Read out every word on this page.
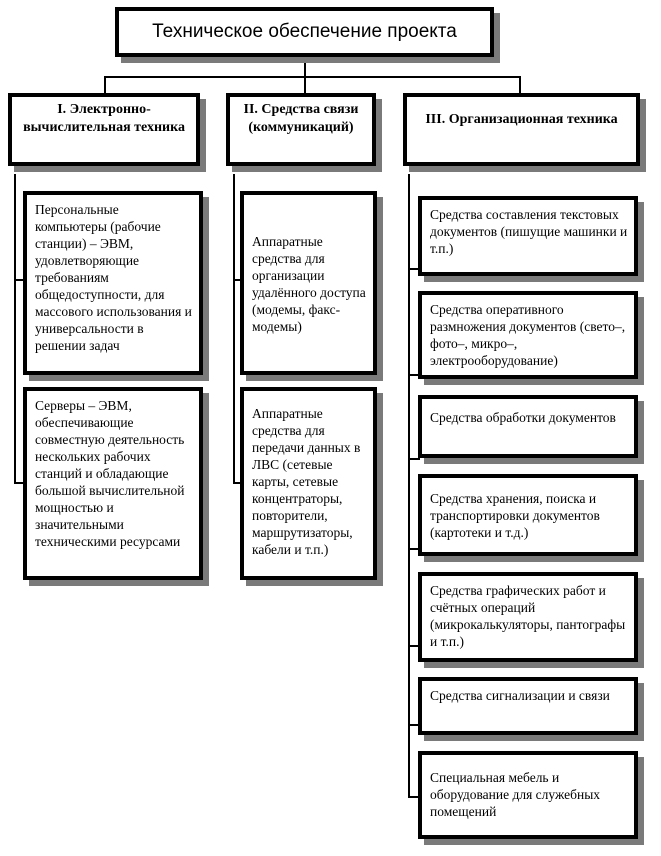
Техническое обеспечение проекта
I. Электронно-вычислительная техника
II. Средства связи (коммуникаций)
III. Организационная техника
Персональные компьютеры (рабочие станции) – ЭВМ, удовлетворяющие требованиям общедоступности, для массового использования и универсальности в решении задач
Серверы – ЭВМ, обеспечивающие совместную деятельность нескольких рабочих станций и обладающие большой вычислительной мощностью и значительными техническими ресурсами
Аппаратные средства для организации удалённого доступа (модемы, факс-модемы)
Аппаратные средства для передачи данных в ЛВС (сетевые карты, сетевые концентраторы, повторители, маршрутизаторы, кабели и т.п.)
Средства составления текстовых документов (пишущие машинки и т.п.)
Средства оперативного размножения документов (свето–, фото–, микро–, электрооборудование)
Средства обработки документов
Средства хранения, поиска и транспортировки документов (картотеки и т.д.)
Средства графических работ и счётных операций (микрокалькуляторы, пантографы и т.п.)
Средства сигнализации и связи
Специальная мебель и оборудование для служебных помещений
